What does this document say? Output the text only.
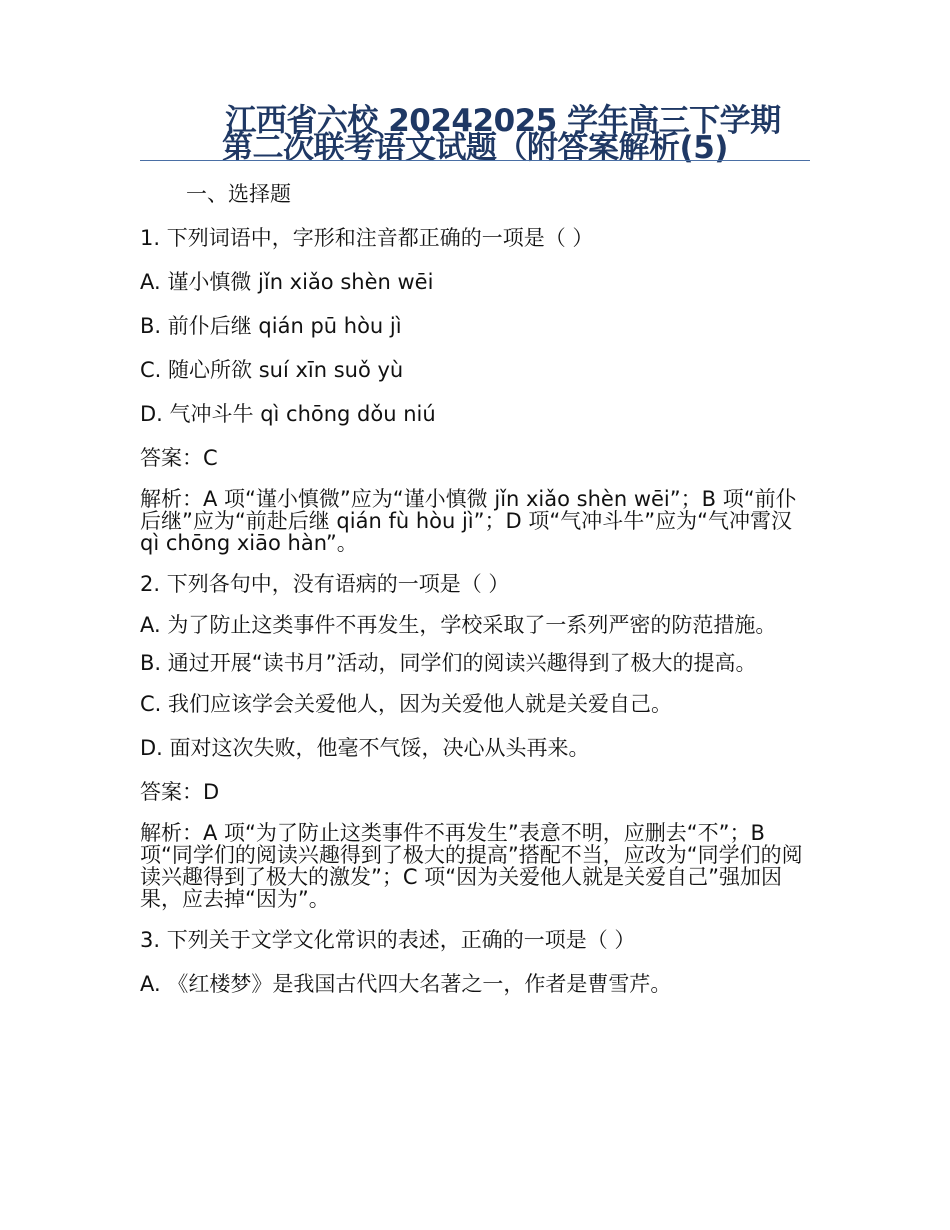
江西省六校 20242025 学年高三下学期
第二次联考语文试题（附答案解析(5)
一、选择题

1. 下列词语中，字形和注音都正确的一项是（ ）

A. 谨小慎微 jǐn xiǎo shèn wēi

B. 前仆后继 qián pū hòu jì

C. 随心所欲 suí xīn suǒ yù

D. 气冲斗牛 qì chōng dǒu niú

答案：C

解析：A 项“谨小慎微”应为“谨小慎微 jǐn xiǎo shèn wēi”；B 项“前仆后继”应为“前赴后继 qián fù hòu jì”；D 项“气冲斗牛”应为“气冲霄汉 qì chōng xiāo hàn”。

2. 下列各句中，没有语病的一项是（ ）

A. 为了防止这类事件不再发生，学校采取了一系列严密的防范措施。

B. 通过开展“读书月”活动，同学们的阅读兴趣得到了极大的提高。

C. 我们应该学会关爱他人，因为关爱他人就是关爱自己。

D. 面对这次失败，他毫不气馁，决心从头再来。

答案：D

解析：A 项“为了防止这类事件不再发生”表意不明，应删去“不”；B 项“同学们的阅读兴趣得到了极大的提高”搭配不当，应改为“同学们的阅读兴趣得到了极大的激发”；C 项“因为关爱他人就是关爱自己”强加因果，应去掉“因为”。

3. 下列关于文学文化常识的表述，正确的一项是（ ）

A. 《红楼梦》是我国古代四大名著之一，作者是曹雪芹。
